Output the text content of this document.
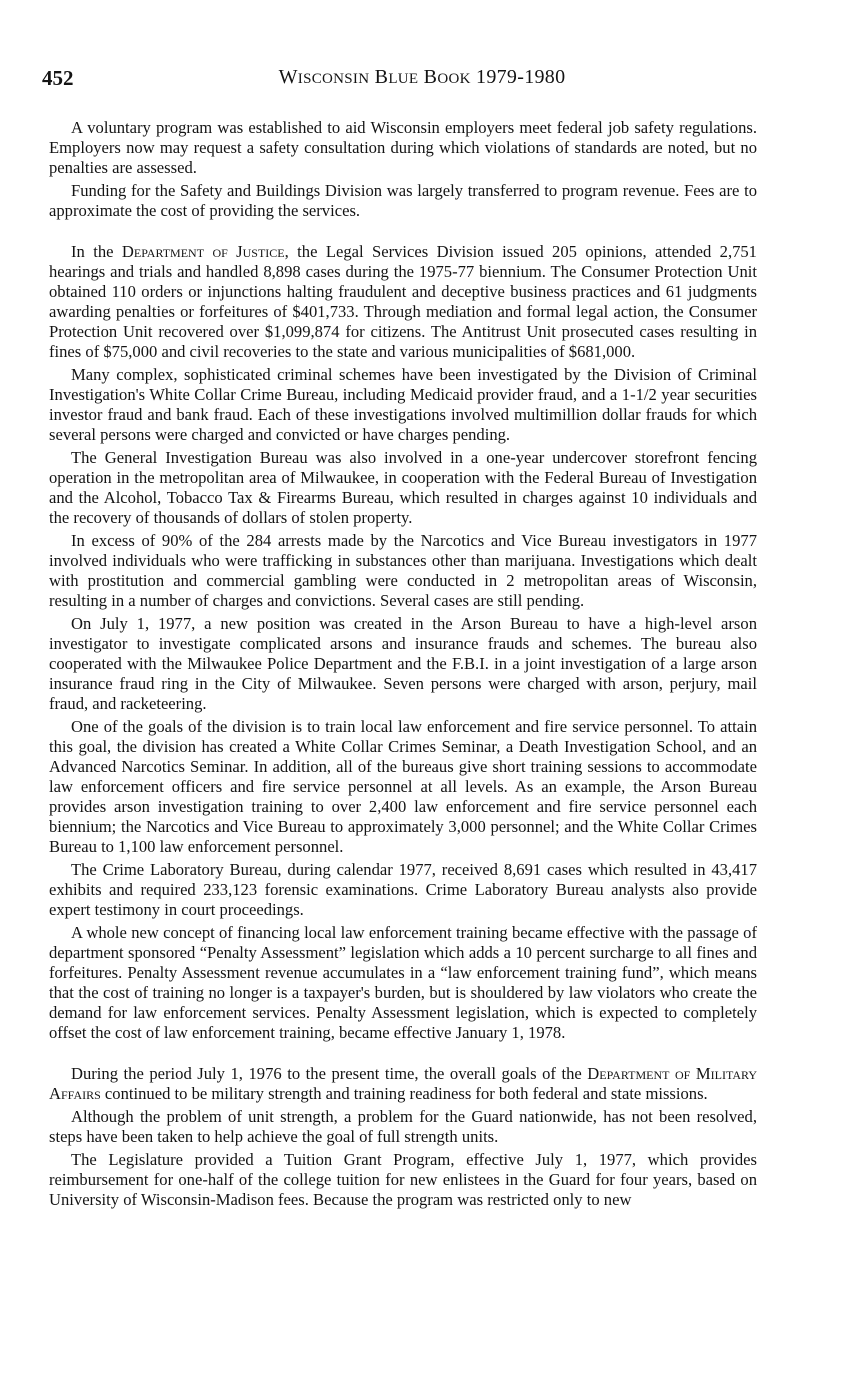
452	WISCONSIN BLUE BOOK 1979-1980

A voluntary program was established to aid Wisconsin employers meet federal job safety regulations. Employers now may request a safety consultation during which violations of standards are noted, but no penalties are assessed.

Funding for the Safety and Buildings Division was largely transferred to program revenue. Fees are to approximate the cost of providing the services.

In the Department of Justice, the Legal Services Division issued 205 opinions, attended 2,751 hearings and trials and handled 8,898 cases during the 1975-77 biennium. The Consumer Protection Unit obtained 110 orders or injunctions halting fraudulent and deceptive business practices and 61 judgments awarding penalties or forfeitures of $401,733. Through mediation and formal legal action, the Consumer Protection Unit recovered over $1,099,874 for citizens. The Antitrust Unit prosecuted cases resulting in fines of $75,000 and civil recoveries to the state and various municipalities of $681,000.

Many complex, sophisticated criminal schemes have been investigated by the Division of Criminal Investigation's White Collar Crime Bureau, including Medicaid provider fraud, and a 1-1/2 year securities investor fraud and bank fraud. Each of these investigations involved multimillion dollar frauds for which several persons were charged and convicted or have charges pending.

The General Investigation Bureau was also involved in a one-year undercover storefront fencing operation in the metropolitan area of Milwaukee, in cooperation with the Federal Bureau of Investigation and the Alcohol, Tobacco Tax & Firearms Bureau, which resulted in charges against 10 individuals and the recovery of thousands of dollars of stolen property.

In excess of 90% of the 284 arrests made by the Narcotics and Vice Bureau investigators in 1977 involved individuals who were trafficking in substances other than marijuana. Investigations which dealt with prostitution and commercial gambling were conducted in 2 metropolitan areas of Wisconsin, resulting in a number of charges and convictions. Several cases are still pending.

On July 1, 1977, a new position was created in the Arson Bureau to have a high-level arson investigator to investigate complicated arsons and insurance frauds and schemes. The bureau also cooperated with the Milwaukee Police Department and the F.B.I. in a joint investigation of a large arson insurance fraud ring in the City of Milwaukee. Seven persons were charged with arson, perjury, mail fraud, and racketeering.

One of the goals of the division is to train local law enforcement and fire service personnel. To attain this goal, the division has created a White Collar Crimes Seminar, a Death Investigation School, and an Advanced Narcotics Seminar. In addition, all of the bureaus give short training sessions to accommodate law enforcement officers and fire service personnel at all levels. As an example, the Arson Bureau provides arson investigation training to over 2,400 law enforcement and fire service personnel each biennium; the Narcotics and Vice Bureau to approximately 3,000 personnel; and the White Collar Crimes Bureau to 1,100 law enforcement personnel.

The Crime Laboratory Bureau, during calendar 1977, received 8,691 cases which resulted in 43,417 exhibits and required 233,123 forensic examinations. Crime Laboratory Bureau analysts also provide expert testimony in court proceedings.

A whole new concept of financing local law enforcement training became effective with the passage of department sponsored “Penalty Assessment” legislation which adds a 10 percent surcharge to all fines and forfeitures. Penalty Assessment revenue accumulates in a “law enforcement training fund”, which means that the cost of training no longer is a taxpayer's burden, but is shouldered by law violators who create the demand for law enforcement services. Penalty Assessment legislation, which is expected to completely offset the cost of law enforcement training, became effective January 1, 1978.

During the period July 1, 1976 to the present time, the overall goals of the Department of Military Affairs continued to be military strength and training readiness for both federal and state missions.

Although the problem of unit strength, a problem for the Guard nationwide, has not been resolved, steps have been taken to help achieve the goal of full strength units.

The Legislature provided a Tuition Grant Program, effective July 1, 1977, which provides reimbursement for one-half of the college tuition for new enlistees in the Guard for four years, based on University of Wisconsin-Madison fees. Because the program was restricted only to new
